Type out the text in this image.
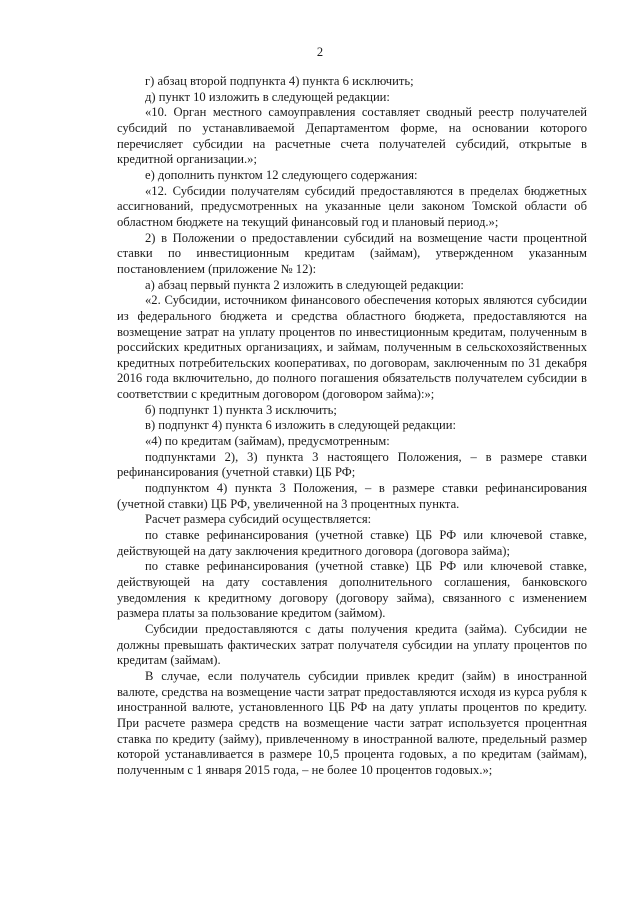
2

г) абзац второй подпункта 4) пункта 6 исключить;

д) пункт 10 изложить в следующей редакции:

«10. Орган местного самоуправления составляет сводный реестр получателей субсидий по устанавливаемой Департаментом форме, на основании которого перечисляет субсидии на расчетные счета получателей субсидий, открытые в кредитной организации.»;

е) дополнить пунктом 12 следующего содержания:

«12. Субсидии получателям субсидий предоставляются в пределах бюджетных ассигнований, предусмотренных на указанные цели законом Томской области об областном бюджете на текущий финансовый год и плановый период.»;

2) в Положении о предоставлении субсидий на возмещение части процентной ставки по инвестиционным кредитам (займам), утвержденном указанным постановлением (приложение № 12):

а) абзац первый пункта 2 изложить в следующей редакции:

«2. Субсидии, источником финансового обеспечения которых являются субсидии из федерального бюджета и средства областного бюджета, предоставляются на возмещение затрат на уплату процентов по инвестиционным кредитам, полученным в российских кредитных организациях, и займам, полученным в сельскохозяйственных кредитных потребительских кооперативах, по договорам, заключенным по 31 декабря 2016 года включительно, до полного погашения обязательств получателем субсидии в соответствии с кредитным договором (договором займа):»;

б) подпункт 1) пункта 3 исключить;

в) подпункт 4) пункта 6 изложить в следующей редакции:

«4) по кредитам (займам), предусмотренным:

подпунктами 2), 3) пункта 3 настоящего Положения, – в размере ставки рефинансирования (учетной ставки) ЦБ РФ;

подпунктом 4) пункта 3 Положения, – в размере ставки рефинансирования (учетной ставки) ЦБ РФ, увеличенной на 3 процентных пункта.

Расчет размера субсидий осуществляется:

по ставке рефинансирования (учетной ставке) ЦБ РФ или ключевой ставке, действующей на дату заключения кредитного договора (договора займа);

по ставке рефинансирования (учетной ставке) ЦБ РФ или ключевой ставке, действующей на дату составления дополнительного соглашения, банковского уведомления к кредитному договору (договору займа), связанного с изменением размера платы за пользование кредитом (займом).

Субсидии предоставляются с даты получения кредита (займа). Субсидии не должны превышать фактических затрат получателя субсидии на уплату процентов по кредитам (займам).

В случае, если получатель субсидии привлек кредит (займ) в иностранной валюте, средства на возмещение части затрат предоставляются исходя из курса рубля к иностранной валюте, установленного ЦБ РФ на дату уплаты процентов по кредиту. При расчете размера средств на возмещение части затрат используется процентная ставка по кредиту (займу), привлеченному в иностранной валюте, предельный размер которой устанавливается в размере 10,5 процента годовых, а по кредитам (займам), полученным с 1 января 2015 года, – не более 10 процентов годовых.»;
